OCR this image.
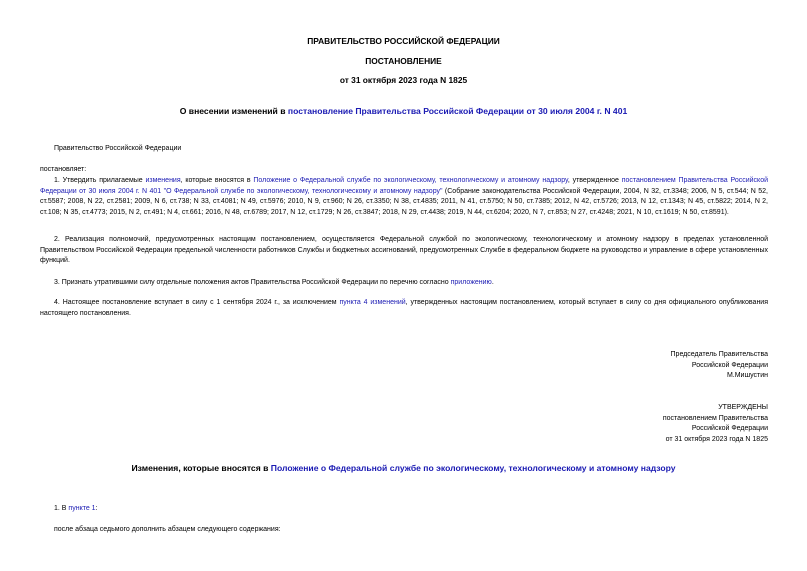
ПРАВИТЕЛЬСТВО РОССИЙСКОЙ ФЕДЕРАЦИИ
ПОСТАНОВЛЕНИЕ
от 31 октября 2023 года N 1825
О внесении изменений в постановление Правительства Российской Федерации от 30 июля 2004 г. N 401
Правительство Российской Федерации
постановляет:
1. Утвердить прилагаемые изменения, которые вносятся в Положение о Федеральной службе по экологическому, технологическому и атомному надзору, утвержденное постановлением Правительства Российской Федерации от 30 июля 2004 г. N 401 "О Федеральной службе по экологическому, технологическому и атомному надзору" (Собрание законодательства Российской Федерации, 2004, N 32, ст.3348; 2006, N 5, ст.544; N 52, ст.5587; 2008, N 22, ст.2581; 2009, N 6, ст.738; N 33, ст.4081; N 49, ст.5976; 2010, N 9, ст.960; N 26, ст.3350; N 38, ст.4835; 2011, N 41, ст.5750; N 50, ст.7385; 2012, N 42, ст.5726; 2013, N 12, ст.1343; N 45, ст.5822; 2014, N 2, ст.108; N 35, ст.4773; 2015, N 2, ст.491; N 4, ст.661; 2016, N 48, ст.6789; 2017, N 12, ст.1729; N 26, ст.3847; 2018, N 29, ст.4438; 2019, N 44, ст.6204; 2020, N 7, ст.853; N 27, ст.4248; 2021, N 10, ст.1619; N 50, ст.8591).
2. Реализация полномочий, предусмотренных настоящим постановлением, осуществляется Федеральной службой по экологическому, технологическому и атомному надзору в пределах установленной Правительством Российской Федерации предельной численности работников Службы и бюджетных ассигнований, предусмотренных Службе в федеральном бюджете на руководство и управление в сфере установленных функций.
3. Признать утратившими силу отдельные положения актов Правительства Российской Федерации по перечню согласно приложению.
4. Настоящее постановление вступает в силу с 1 сентября 2024 г., за исключением пункта 4 изменений, утвержденных настоящим постановлением, который вступает в силу со дня официального опубликования настоящего постановления.
Председатель Правительства
Российской Федерации
М.Мишустин
УТВЕРЖДЕНЫ
постановлением Правительства
Российской Федерации
от 31 октября 2023 года N 1825
Изменения, которые вносятся в Положение о Федеральной службе по экологическому, технологическому и атомному надзору
1. В пункте 1:
после абзаца седьмого дополнить абзацем следующего содержания:
